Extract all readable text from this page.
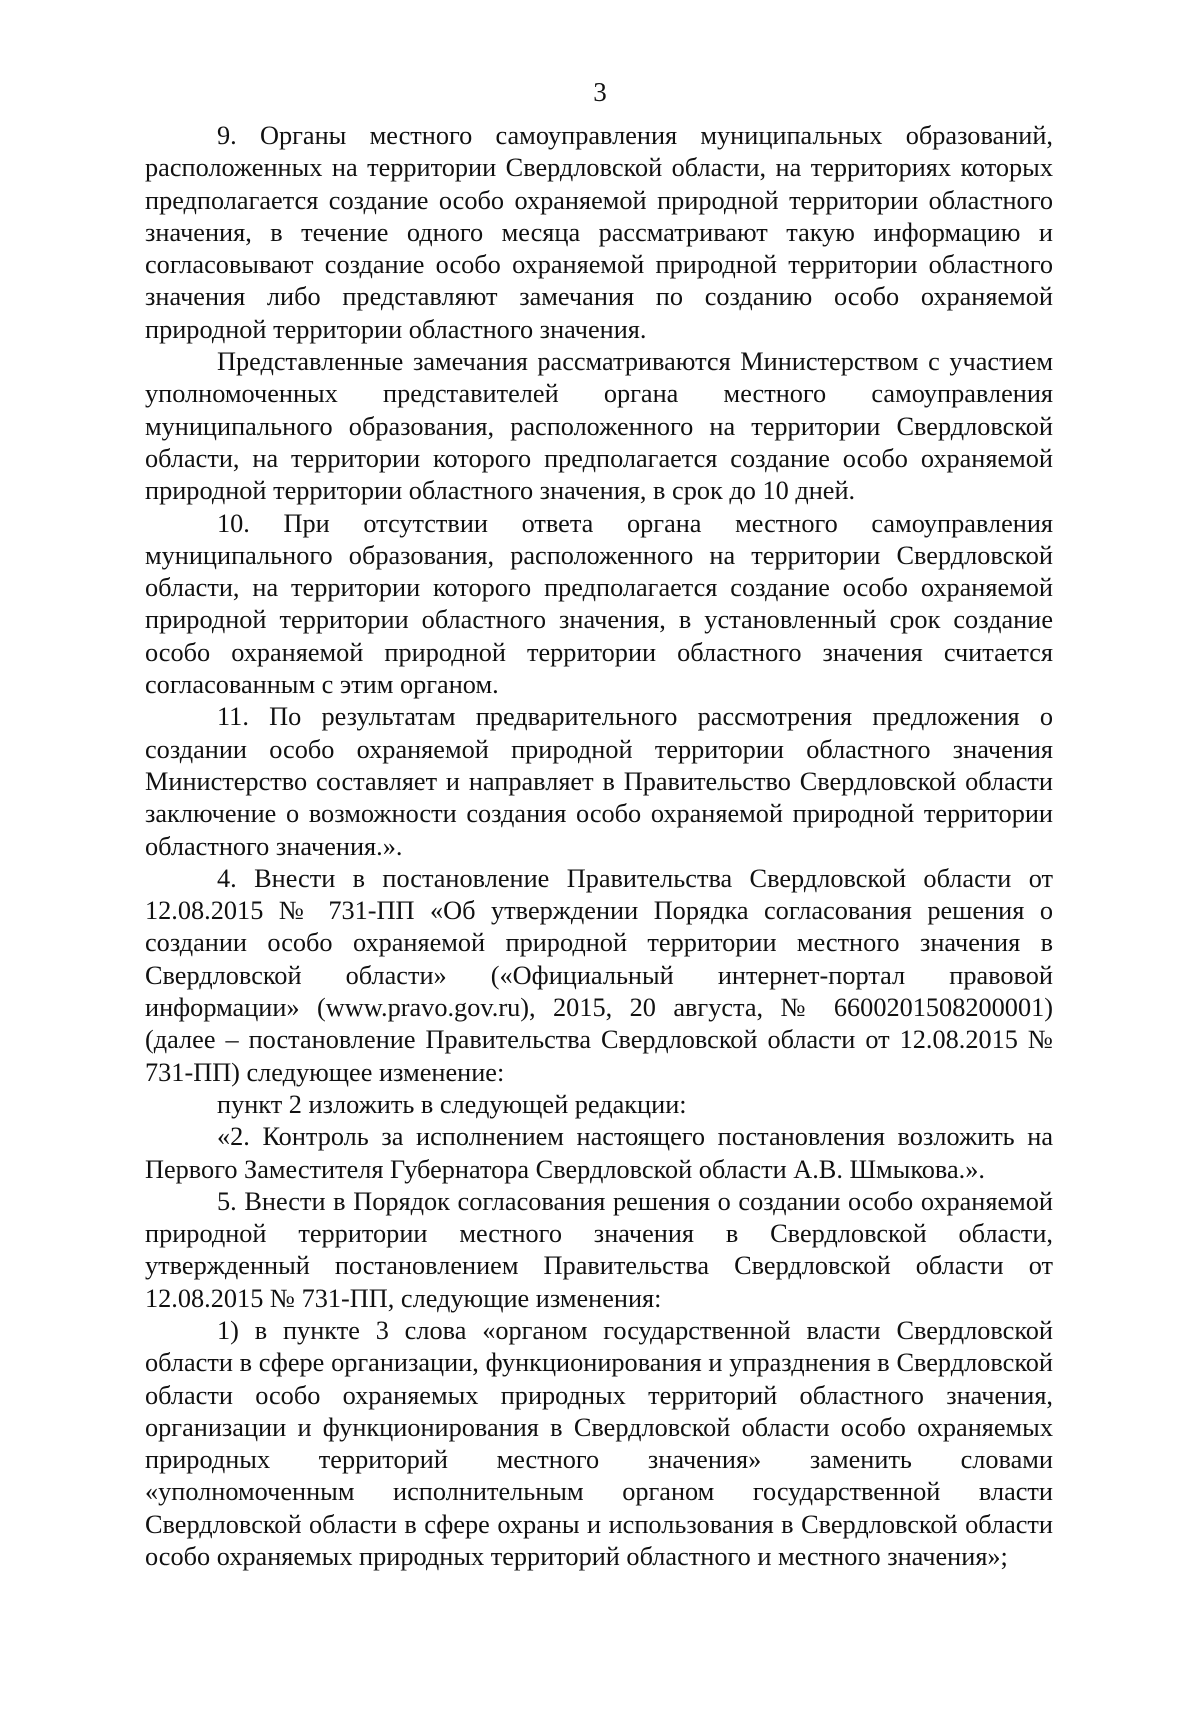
3

9. Органы местного самоуправления муниципальных образований, расположенных на территории Свердловской области, на территориях которых предполагается создание особо охраняемой природной территории областного значения, в течение одного месяца рассматривают такую информацию и согласовывают создание особо охраняемой природной территории областного значения либо представляют замечания по созданию особо охраняемой природной территории областного значения.

Представленные замечания рассматриваются Министерством с участием уполномоченных представителей органа местного самоуправления муниципального образования, расположенного на территории Свердловской области, на территории которого предполагается создание особо охраняемой природной территории областного значения, в срок до 10 дней.

10. При отсутствии ответа органа местного самоуправления муниципального образования, расположенного на территории Свердловской области, на территории которого предполагается создание особо охраняемой природной территории областного значения, в установленный срок создание особо охраняемой природной территории областного значения считается согласованным с этим органом.

11. По результатам предварительного рассмотрения предложения о создании особо охраняемой природной территории областного значения Министерство составляет и направляет в Правительство Свердловской области заключение о возможности создания особо охраняемой природной территории областного значения.».

4. Внести в постановление Правительства Свердловской области от 12.08.2015 № 731-ПП «Об утверждении Порядка согласования решения о создании особо охраняемой природной территории местного значения в Свердловской области» («Официальный интернет-портал правовой информации» (www.pravo.gov.ru), 2015, 20 августа, № 6600201508200001) (далее – постановление Правительства Свердловской области от 12.08.2015 № 731-ПП) следующее изменение:

пункт 2 изложить в следующей редакции:

«2. Контроль за исполнением настоящего постановления возложить на Первого Заместителя Губернатора Свердловской области А.В. Шмыкова.».

5. Внести в Порядок согласования решения о создании особо охраняемой природной территории местного значения в Свердловской области, утвержденный постановлением Правительства Свердловской области от 12.08.2015 № 731-ПП, следующие изменения:

1) в пункте 3 слова «органом государственной власти Свердловской области в сфере организации, функционирования и упразднения в Свердловской области особо охраняемых природных территорий областного значения, организации и функционирования в Свердловской области особо охраняемых природных территорий местного значения» заменить словами «уполномоченным исполнительным органом государственной власти Свердловской области в сфере охраны и использования в Свердловской области особо охраняемых природных территорий областного и местного значения»;
